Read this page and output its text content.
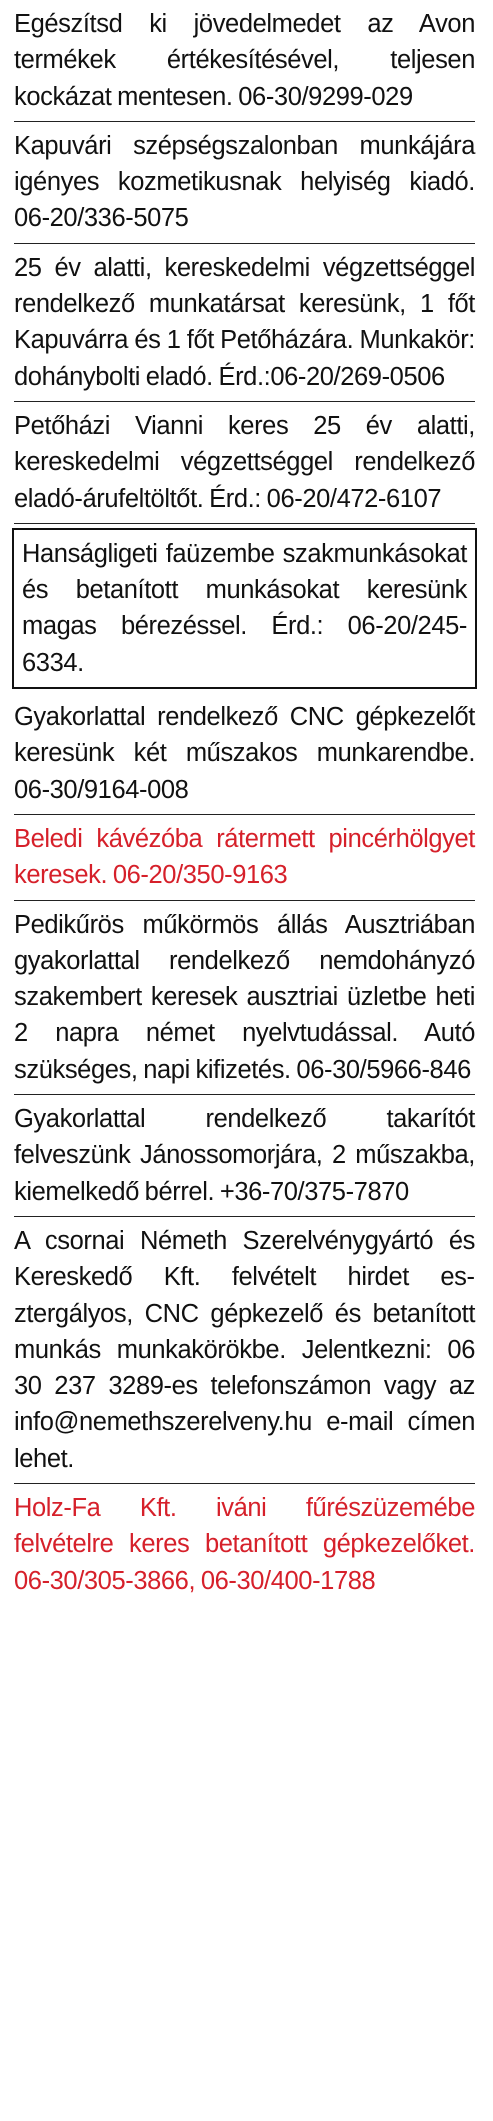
Egészítsd ki jövedelmedet az Avon termékek értékesítésével, teljesen kockázat mentesen. 06-30/9299-029
Kapuvári szépségszalonban munkájára igényes kozmetikusnak helyiség kiadó. 06-20/336-5075
25 év alatti, kereskedelmi végzettséggel rendelkező munkatársat keresünk, 1 főt Kapuvárra és 1 főt Petőházára. Munkakör: dohánybolti eladó. Érd.:06-20/269-0506
Petőházi Vianni keres 25 év alatti, kereskedelmi végzettséggel rendelkező eladó-árufeltöltőt. Érd.: 06-20/472-6107
Hanságligeti faüzembe szakmunkásokat és betanított munkásokat keresünk magas bérezéssel. Érd.: 06-20/245-6334.
Gyakorlattal rendelkező CNC gépkezelőt keresünk két műszakos munkarendbe. 06-30/9164-008
Beledi kávézóba rátermett pincérhölgyet keresek. 06-20/350-9163
Pedikűrös műkörmös állás Ausztriában gyakorlattal rendelkező nemdohányzó szakembert keresek ausztriai üzletbe heti 2 napra német nyelvtudással. Autó szükséges, napi kifizetés. 06-30/5966-846
Gyakorlattal rendelkező takarítót felveszünk Jánossomorjára, 2 műszakba, kiemelkedő bérrel. +36-70/375-7870
A csornai Németh Szerelvénygyártó és Kereskedő Kft. felvételt hirdet esztergályos, CNC gépkezelő és betanított munkás munkakörökbe. Jelentkezni: 06 30 237 3289-es telefonszámon vagy az info@nemethszerelveny.hu e-mail címen lehet.
Holz-Fa Kft. iváni fűrészüzemébe felvételre keres betanított gépkezelőket. 06-30/305-3866, 06-30/400-1788
